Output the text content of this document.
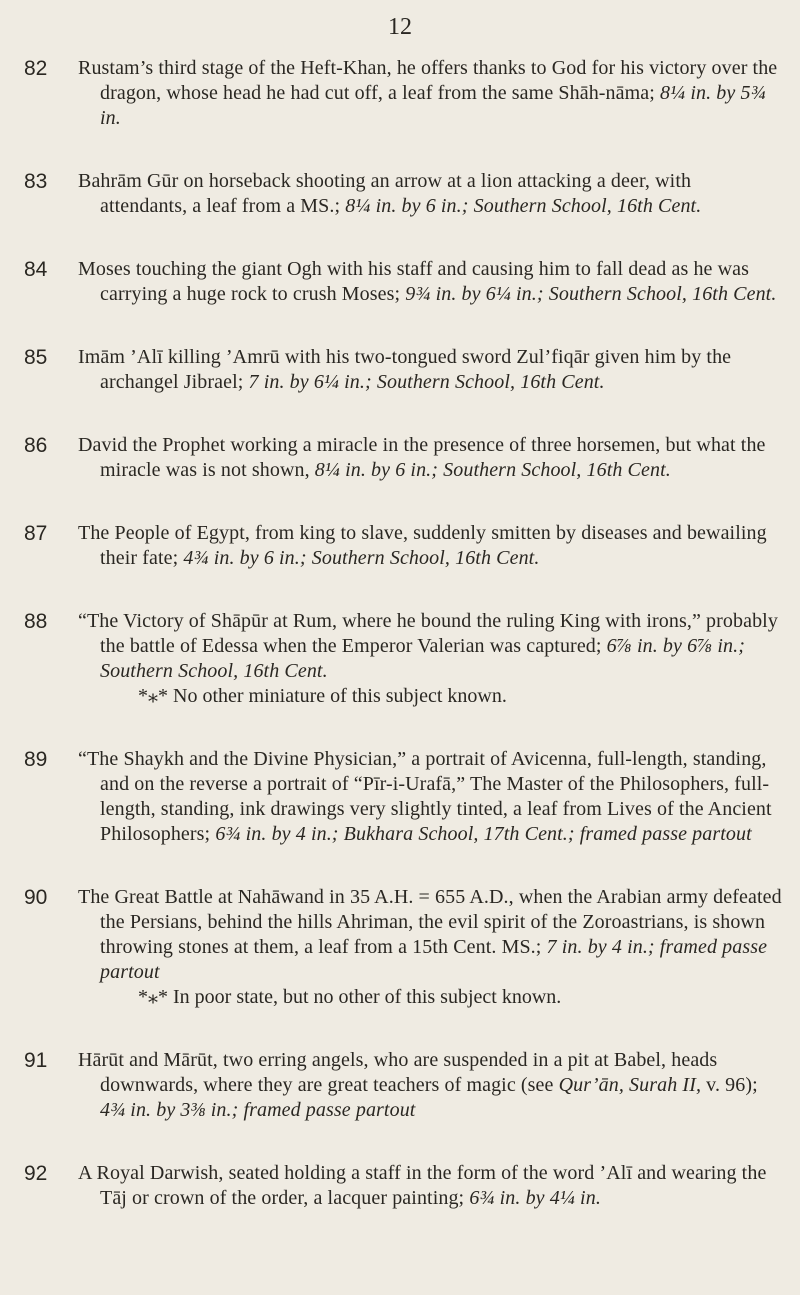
12
82	Rustam’s third stage of the Heft-Khan, he offers thanks to God for his victory over the dragon, whose head he had cut off, a leaf from the same Shāh-nāma; 8¼ in. by 5¾ in.
83	Bahrām Gūr on horseback shooting an arrow at a lion attacking a deer, with attendants, a leaf from a MS.; 8¼ in. by 6 in.; Southern School, 16th Cent.
84	Moses touching the giant Ogh with his staff and causing him to fall dead as he was carrying a huge rock to crush Moses; 9¾ in. by 6¼ in.; Southern School, 16th Cent.
85	Imām ’Alī killing ’Amrū with his two-tongued sword Zul’fiqār given him by the archangel Jibrael; 7 in. by 6¼ in.; Southern School, 16th Cent.
86	David the Prophet working a miracle in the presence of three horsemen, but what the miracle was is not shown, 8¼ in. by 6 in.; Southern School, 16th Cent.
87	The People of Egypt, from king to slave, suddenly smitten by diseases and bewailing their fate; 4¾ in. by 6 in.; Southern School, 16th Cent.
88	“The Victory of Shāpūr at Rum, where he bound the ruling King with irons,” probably the battle of Edessa when the Emperor Valerian was captured; 6⅞ in. by 6⅞ in.; Southern School, 16th Cent.
*⁎* No other miniature of this subject known.
89	“The Shaykh and the Divine Physician,” a portrait of Avicenna, full-length, standing, and on the reverse a portrait of “Pīr-i-Urafā,” The Master of the Philosophers, full-length, standing, ink drawings very slightly tinted, a leaf from Lives of the Ancient Philosophers; 6¾ in. by 4 in.; Bukhara School, 17th Cent.; framed passe partout
90	The Great Battle at Nahāwand in 35 A.H. = 655 A.D., when the Arabian army defeated the Persians, behind the hills Ahriman, the evil spirit of the Zoroastrians, is shown throwing stones at them, a leaf from a 15th Cent. MS.; 7 in. by 4 in.; framed passe partout
*⁎* In poor state, but no other of this subject known.
91	Hārūt and Mārūt, two erring angels, who are suspended in a pit at Babel, heads downwards, where they are great teachers of magic (see Qur’ān, Surah II, v. 96); 4¾ in. by 3⅜ in.; framed passe partout
92	A Royal Darwish, seated holding a staff in the form of the word ’Alī and wearing the Tāj or crown of the order, a lacquer painting; 6¾ in. by 4¼ in.
